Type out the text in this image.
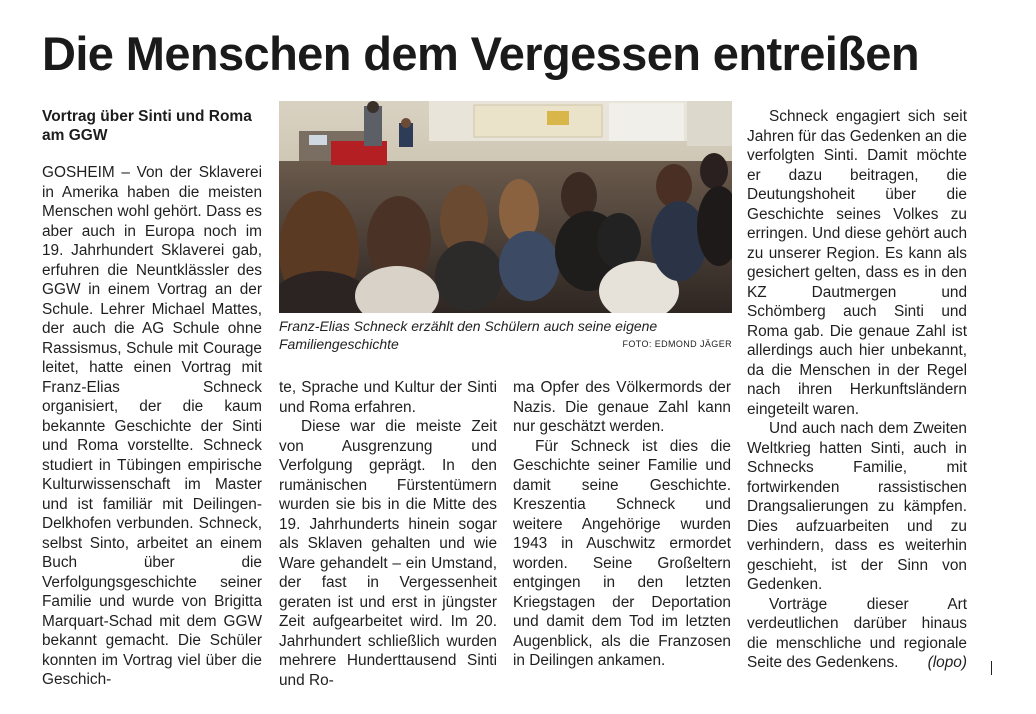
Die Menschen dem Vergessen entreißen
Vortrag über Sinti und Roma am GGW

GOSHEIM – Von der Sklaverei in Amerika haben die meisten Menschen wohl gehört. Dass es aber auch in Europa noch im 19. Jahrhundert Sklaverei gab, erfuhren die Neuntklässler des GGW in einem Vortrag an der Schule. Lehrer Michael Mattes, der auch die AG Schule ohne Rassismus, Schule mit Courage leitet, hatte einen Vortrag mit Franz-Elias Schneck organisiert, der die kaum bekannte Geschichte der Sinti und Roma vorstellte. Schneck studiert in Tübingen empirische Kulturwissenschaft im Master und ist familiär mit Deilingen-Delkhofen verbunden. Schneck, selbst Sinto, arbeitet an einem Buch über die Verfolgungsgeschichte seiner Familie und wurde von Brigitta Marquart-Schad mit dem GGW bekannt gemacht. Die Schüler konnten im Vortrag viel über die Geschich-

Franz-Elias Schneck erzählt den Schülern auch seine eigene Familiengeschichte	FOTO: EDMOND JÄGER

te, Sprache und Kultur der Sinti und Roma erfahren.

Diese war die meiste Zeit von Ausgrenzung und Verfolgung geprägt. In den rumänischen Fürstentümern wurden sie bis in die Mitte des 19. Jahrhunderts hinein sogar als Sklaven gehalten und wie Ware gehandelt – ein Umstand, der fast in Vergessenheit geraten ist und erst in jüngster Zeit aufgearbeitet wird. Im 20. Jahrhundert schließlich wurden mehrere Hunderttausend Sinti und Ro-

ma Opfer des Völkermords der Nazis. Die genaue Zahl kann nur geschätzt werden.

Für Schneck ist dies die Geschichte seiner Familie und damit seine Geschichte. Kreszentia Schneck und weitere Angehörige wurden 1943 in Auschwitz ermordet worden. Seine Großeltern entgingen in den letzten Kriegstagen der Deportation und damit dem Tod im letzten Augenblick, als die Franzosen in Deilingen ankamen.

Schneck engagiert sich seit Jahren für das Gedenken an die verfolgten Sinti. Damit möchte er dazu beitragen, die Deutungshoheit über die Geschichte seines Volkes zu erringen. Und diese gehört auch zu unserer Region. Es kann als gesichert gelten, dass es in den KZ Dautmergen und Schömberg auch Sinti und Roma gab. Die genaue Zahl ist allerdings auch hier unbekannt, da die Menschen in der Regel nach ihren Herkunftsländern eingeteilt waren.

Und auch nach dem Zweiten Weltkrieg hatten Sinti, auch in Schnecks Familie, mit fortwirkenden rassistischen Drangsalierungen zu kämpfen. Dies aufzuarbeiten und zu verhindern, dass es weiterhin geschieht, ist der Sinn von Gedenken.

Vorträge dieser Art verdeutlichen darüber hinaus die menschliche und regionale Seite des Gedenkens.	(lopo)
